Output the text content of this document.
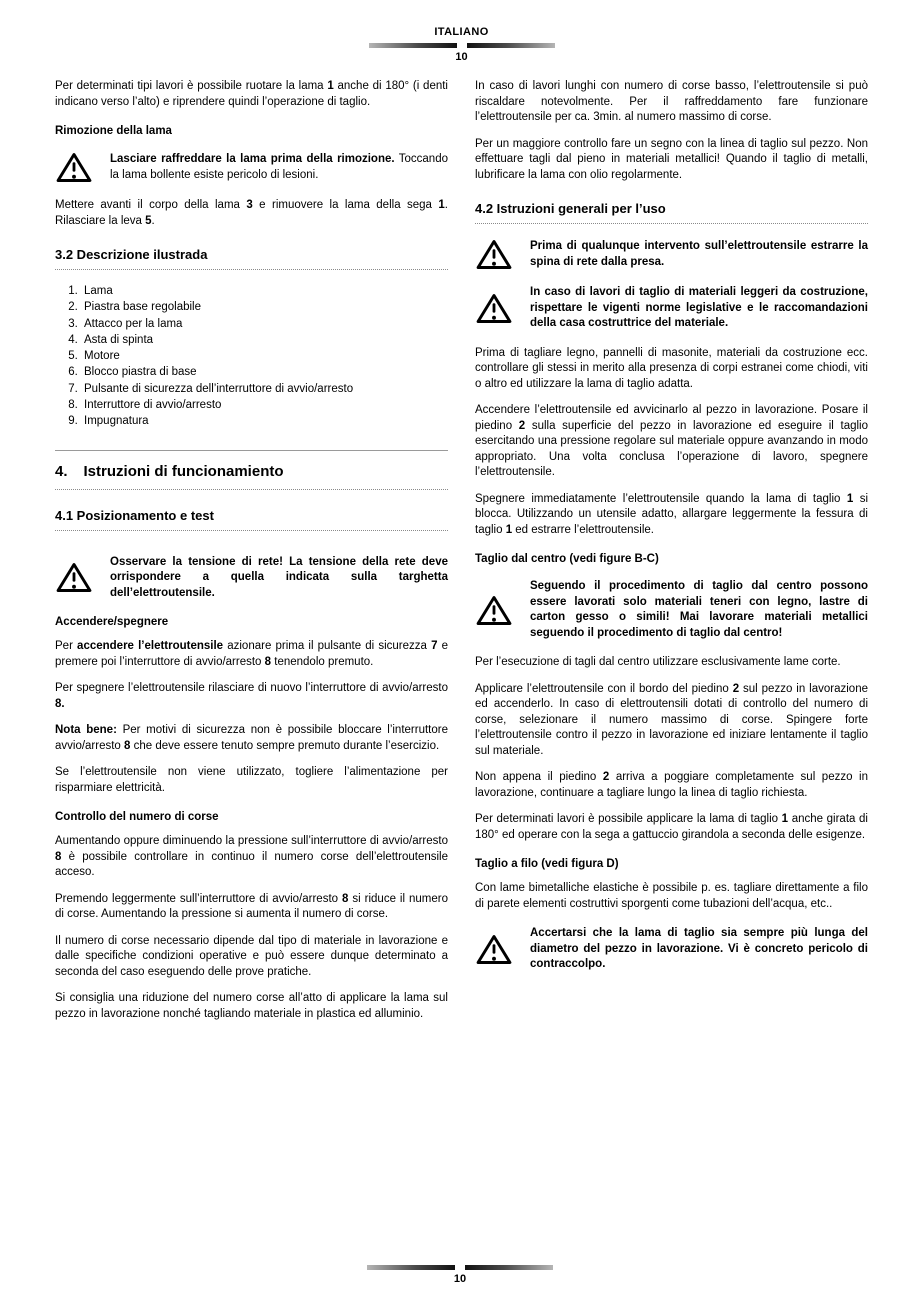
ITALIANO
10

Per determinati tipi lavori è possibile ruotare la lama 1 anche di 180° (i denti indicano verso l’alto) e riprendere quindi l’operazione di taglio.

Rimozione della lama

Lasciare raffreddare la lama prima della rimozione. Toccando la lama bollente esiste pericolo di lesioni.

Mettere avanti il corpo della lama 3 e rimuovere la lama della sega 1. Rilasciare la leva 5.

3.2 Descrizione ilustrada
1. Lama
2. Piastra base regolabile
3. Attacco per la lama
4. Asta di spinta
5. Motore
6. Blocco piastra di base
7. Pulsante di sicurezza dell’interruttore di avvio/arresto
8. Interruttore di avvio/arresto
9. Impugnatura
4. Istruzioni di funcionamiento
4.1 Posizionamento e test

Osservare la tensione di rete! La tensione della rete deve orrispondere a quella indicata sulla targhetta dell’elettroutensile.

Accendere/spegnere

Per accendere l’elettroutensile azionare prima il pulsante di sicurezza 7 e premere poi l’interruttore di avvio/arresto 8 tenendolo premuto.

Per spegnere l’elettroutensile rilasciare di nuovo l’interruttore di avvio/arresto 8.

Nota bene: Per motivi di sicurezza non è possibile bloccare l’interruttore avvio/arresto 8 che deve essere tenuto sempre premuto durante l’esercizio.

Se l’elettroutensile non viene utilizzato, togliere l’alimentazione per risparmiare elettricità.

Controllo del numero di corse

Aumentando oppure diminuendo la pressione sull’interruttore di avvio/arresto 8 è possibile controllare in continuo il numero corse dell’elettroutensile acceso.

Premendo leggermente sull’interruttore di avvio/arresto 8 si riduce il numero di corse. Aumentando la pressione si aumenta il numero di corse.

Il numero di corse necessario dipende dal tipo di materiale in lavorazione e dalle specifiche condizioni operative e può essere dunque determinato a seconda del caso eseguendo delle prove pratiche.

Si consiglia una riduzione del numero corse all’atto di applicare la lama sul pezzo in lavorazione nonché tagliando materiale in plastica ed alluminio.

In caso di lavori lunghi con numero di corse basso, l’elettroutensile si può riscaldare notevolmente. Per il raffreddamento fare funzionare l’elettroutensile per ca. 3min. al numero massimo di corse.

Per un maggiore controllo fare un segno con la linea di taglio sul pezzo. Non effettuare tagli dal pieno in materiali metallici! Quando il taglio di metalli, lubrificare la lama con olio regolarmente.

4.2 Istruzioni generali per l’uso

Prima di qualunque intervento sull’elettroutensile estrarre la spina di rete dalla presa.

In caso di lavori di taglio di materiali leggeri da costruzione, rispettare le vigenti norme legislative e le raccomandazioni della casa costruttrice del materiale.

Prima di tagliare legno, pannelli di masonite, materiali da costruzione ecc. controllare gli stessi in merito alla presenza di corpi estranei come chiodi, viti o altro ed utilizzare la lama di taglio adatta.

Accendere l’elettroutensile ed avvicinarlo al pezzo in lavorazione. Posare il piedino 2 sulla superficie del pezzo in lavorazione ed eseguire il taglio esercitando una pressione regolare sul materiale oppure avanzando in modo appropriato. Una volta conclusa l’operazione di lavoro, spegnere l’elettroutensile.

Spegnere immediatamente l’elettroutensile quando la lama di taglio 1 si blocca. Utilizzando un utensile adatto, allargare leggermente la fessura di taglio 1 ed estrarre l’elettroutensile.

Taglio dal centro (vedi figure B-C)

Seguendo il procedimento di taglio dal centro possono essere lavorati solo materiali teneri con legno, lastre di carton gesso o simili! Mai lavorare materiali metallici seguendo il procedimento di taglio dal centro!

Per l’esecuzione di tagli dal centro utilizzare esclusivamente lame corte.

Applicare l’elettroutensile con il bordo del piedino 2 sul pezzo in lavorazione ed accenderlo. In caso di elettroutensili dotati di controllo del numero di corse, selezionare il numero massimo di corse. Spingere forte l’elettroutensile contro il pezzo in lavorazione ed iniziare lentamente il taglio sul materiale.

Non appena il piedino 2 arriva a poggiare completamente sul pezzo in lavorazione, continuare a tagliare lungo la linea di taglio richiesta.

Per determinati lavori è possibile applicare la lama di taglio 1 anche girata di 180° ed operare con la sega a gattuccio girandola a seconda delle esigenze.

Taglio a filo (vedi figura D)

Con lame bimetalliche elastiche è possibile p. es. tagliare direttamente a filo di parete elementi costruttivi sporgenti come tubazioni dell’acqua, etc..

Accertarsi che la lama di taglio sia sempre più lunga del diametro del pezzo in lavorazione. Vi è concreto pericolo di contraccolpo.

10
